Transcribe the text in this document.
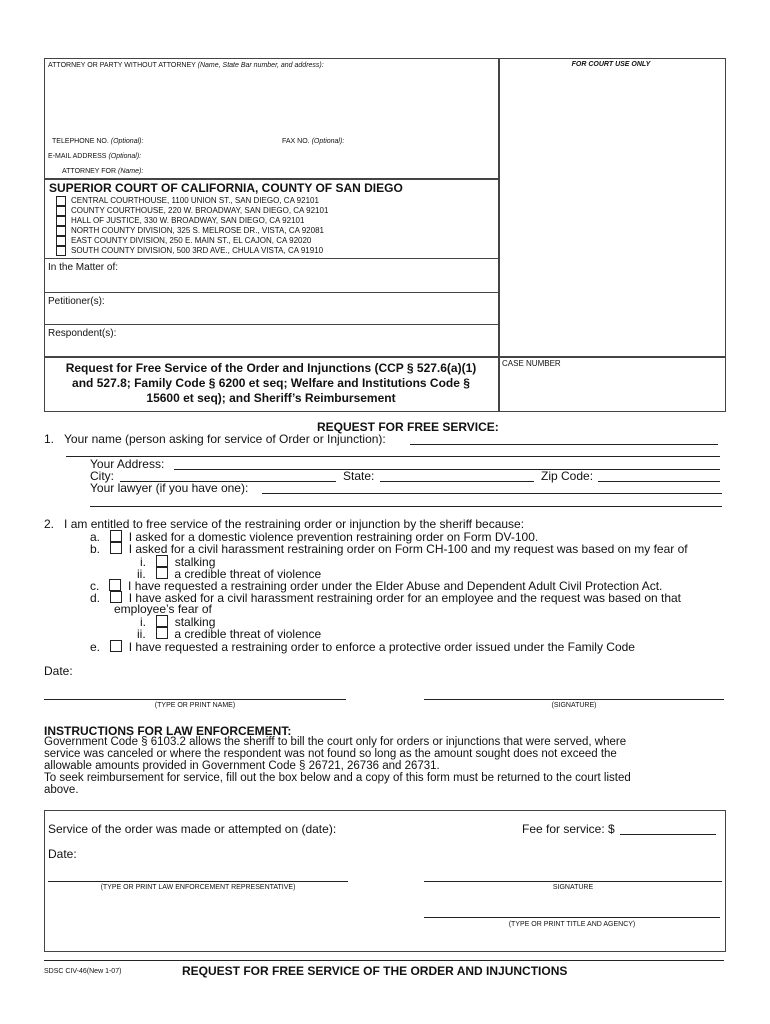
ATTORNEY OR PARTY WITHOUT ATTORNEY (Name, State Bar number, and address):	FOR COURT USE ONLY
TELEPHONE NO. (Optional):	FAX NO. (Optional):
E-MAIL ADDRESS (Optional):
ATTORNEY FOR (Name):
SUPERIOR COURT OF CALIFORNIA, COUNTY OF SAN DIEGO
CENTRAL COURTHOUSE, 1100 UNION ST., SAN DIEGO, CA 92101
COUNTY COURTHOUSE, 220 W. BROADWAY, SAN DIEGO, CA 92101
HALL OF JUSTICE, 330 W. BROADWAY, SAN DIEGO, CA 92101
NORTH COUNTY DIVISION, 325 S. MELROSE DR., VISTA, CA 92081
EAST COUNTY DIVISION, 250 E. MAIN ST., EL CAJON, CA 92020
SOUTH COUNTY DIVISION, 500 3RD AVE., CHULA VISTA, CA 91910
In the Matter of:
Petitioner(s):
Respondent(s):
CASE NUMBER
Request for Free Service of the Order and Injunctions (CCP § 527.6(a)(1)
and 527.8; Family Code § 6200 et seq; Welfare and Institutions Code §
15600 et seq); and Sheriff’s Reimbursement
REQUEST FOR FREE SERVICE:
1. Your name (person asking for service of Order or Injunction):
Your Address:
City:	State:	Zip Code:
Your lawyer (if you have one):
2. I am entitled to free service of the restraining order or injunction by the sheriff because:
a. I asked for a domestic violence prevention restraining order on Form DV-100.
b. I asked for a civil harassment restraining order on Form CH-100 and my request was based on my fear of
i. stalking
ii. a credible threat of violence
c. I have requested a restraining order under the Elder Abuse and Dependent Adult Civil Protection Act.
d. I have asked for a civil harassment restraining order for an employee and the request was based on that
employee’s fear of
i. stalking
ii. a credible threat of violence
e. I have requested a restraining order to enforce a protective order issued under the Family Code
Date:
(TYPE OR PRINT NAME)	(SIGNATURE)
INSTRUCTIONS FOR LAW ENFORCEMENT:
Government Code § 6103.2 allows the sheriff to bill the court only for orders or injunctions that were served, where
service was canceled or where the respondent was not found so long as the amount sought does not exceed the
allowable amounts provided in Government Code § 26721, 26736 and 26731.
To seek reimbursement for service, fill out the box below and a copy of this form must be returned to the court listed
above.
Service of the order was made or attempted on (date):	Fee for service: $
Date:
(TYPE OR PRINT LAW ENFORCEMENT REPRESENTATIVE)	SIGNATURE
(TYPE OR PRINT TITLE AND AGENCY)
SDSC CIV-46(New 1-07)	REQUEST FOR FREE SERVICE OF THE ORDER AND INJUNCTIONS
